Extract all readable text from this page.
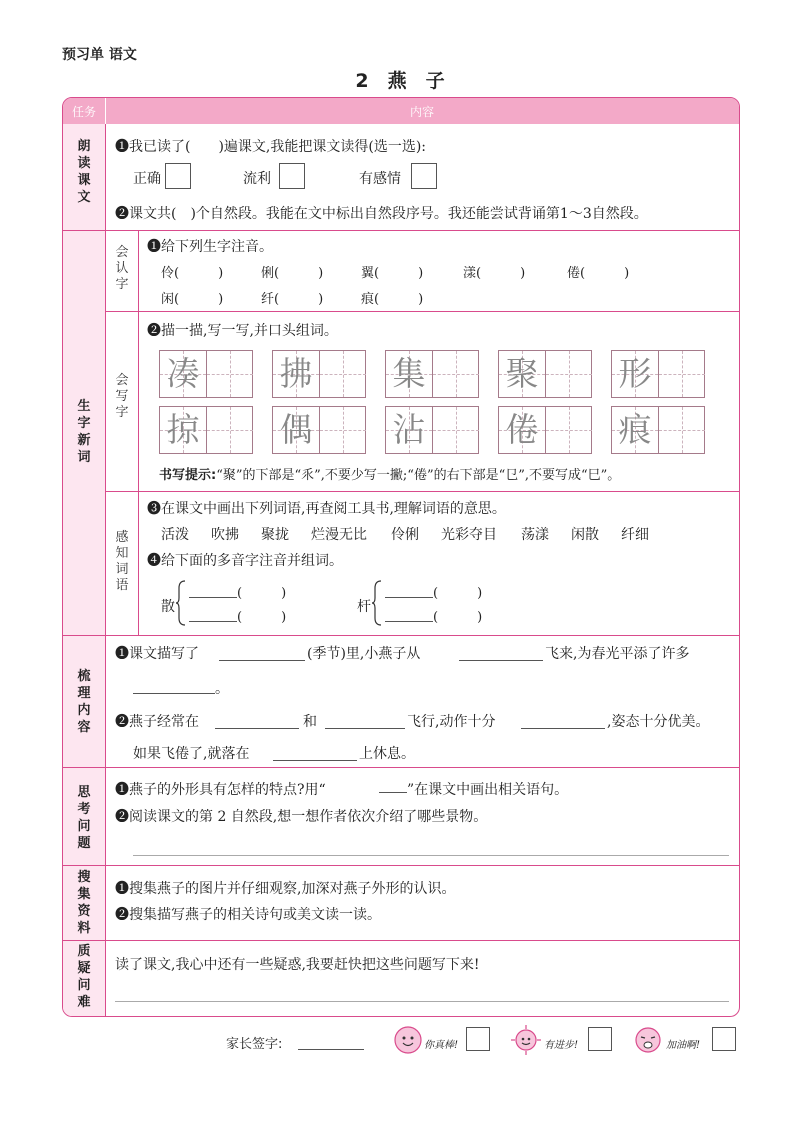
预习单 语文
2　燕　子
任务	内容
朗读课文
❶我已读了(　　)遍课文,我能把课文读得(选一选):
正确	流利	有感情
❷课文共(　)个自然段。我能在文中标出自然段序号。我还能尝试背诵第1～3自然段。
生字新词
会认字
❶给下列生字注音。
伶(　　　)	俐(　　　)	翼(　　　)	漾(　　　)	倦(　　　)
闲(　　　)	纤(　　　)	痕(　　　)
会写字
❷描一描,写一写,并口头组词。
凑 拂 集 聚 形
掠 偶 沾 倦 痕
书写提示:“聚”的下部是“乑”,不要少写一撇;“倦”的右下部是“㔾”,不要写成“巳”。
感知词语
❸在课文中画出下列词语,再查阅工具书,理解词语的意思。
活泼 吹拂 聚拢 烂漫无比 伶俐 光彩夺目 荡漾 闲散 纤细
❹给下面的多音字注音并组词。
散
(　　　)
(　　　)
杆
(　　　)
(　　　)
梳理内容
❶课文描写了	(季节)里,小燕子从	飞来,为春光平添了许多
。
❷燕子经常在	和	飞行,动作十分	,姿态十分优美。
如果飞倦了,就落在	上休息。
思考问题
❶燕子的外形具有怎样的特点?用“	”在课文中画出相关语句。
❷阅读课文的第 2 自然段,想一想作者依次介绍了哪些景物。
搜集资料
❶搜集燕子的图片并仔细观察,加深对燕子外形的认识。
❷搜集描写燕子的相关诗句或美文读一读。
质疑问难
读了课文,我心中还有一些疑惑,我要赶快把这些问题写下来!
家长签字:	你真棒!	有进步!	加油啊!
